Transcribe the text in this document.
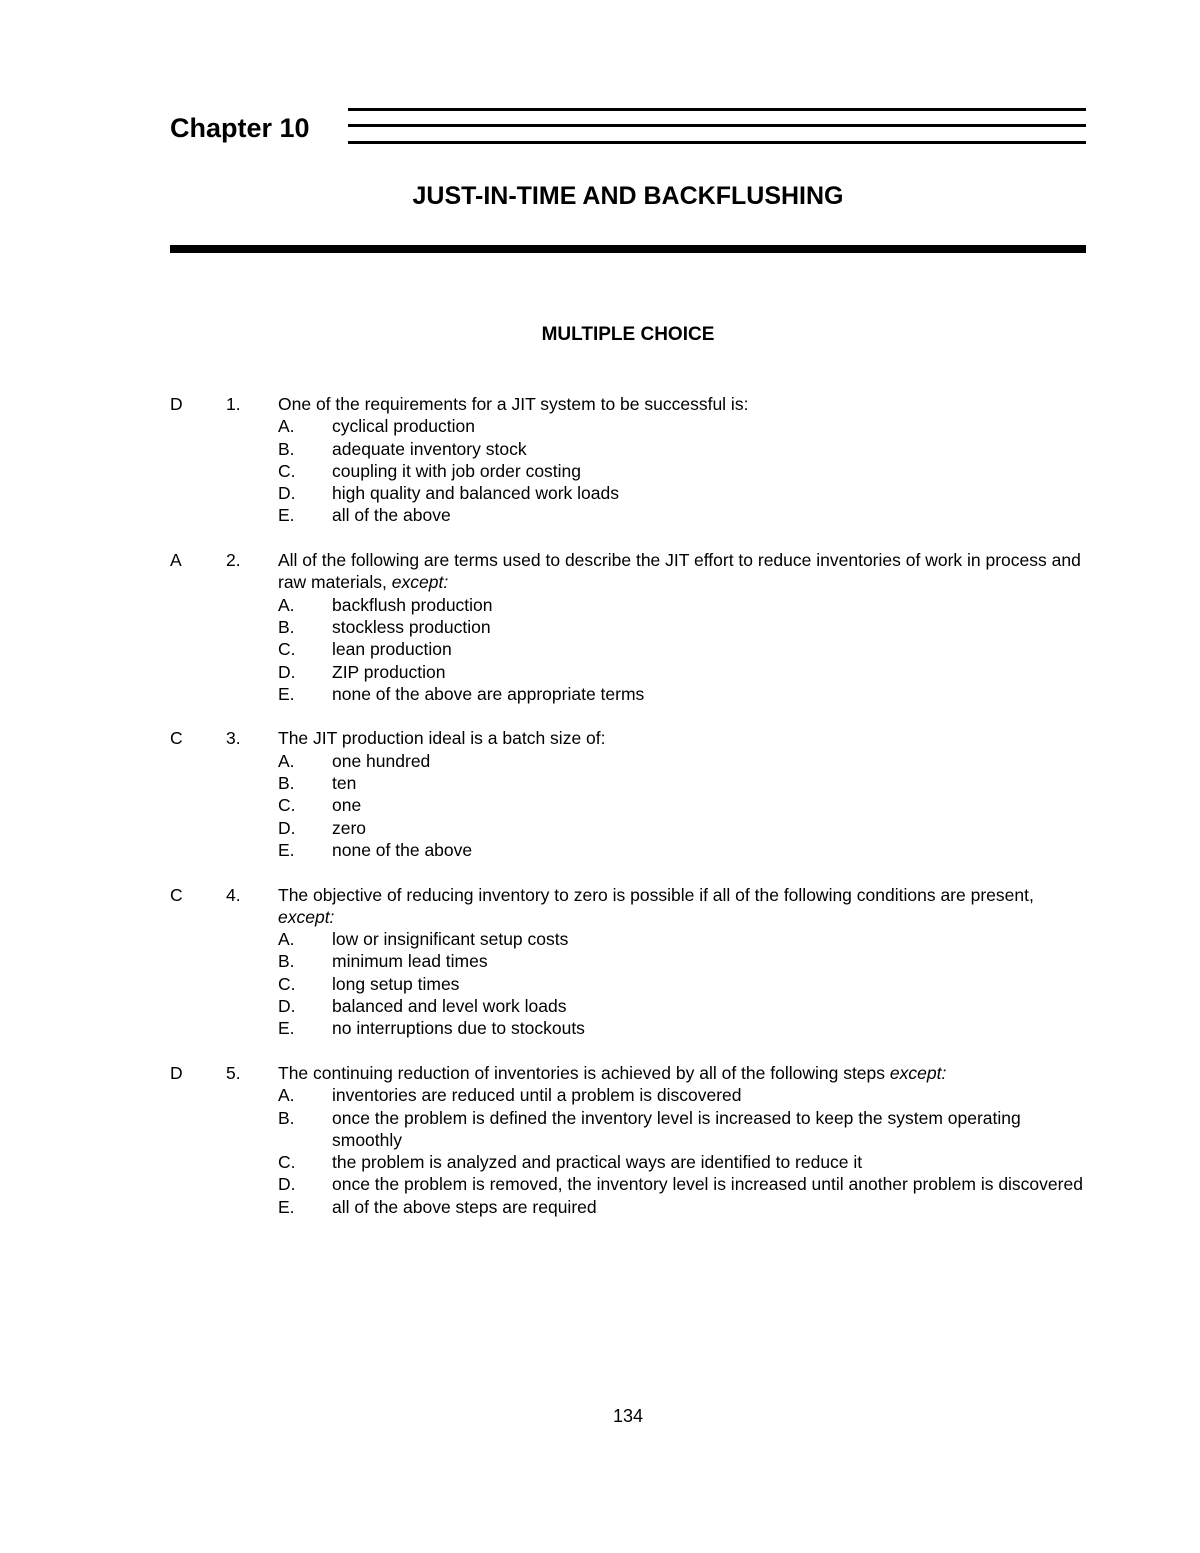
Chapter 10
JUST-IN-TIME AND BACKFLUSHING
MULTIPLE CHOICE
D	1.	One of the requirements for a JIT system to be successful is:
A. cyclical production
B. adequate inventory stock
C. coupling it with job order costing
D. high quality and balanced work loads
E. all of the above
A	2.	All of the following are terms used to describe the JIT effort to reduce inventories of work in process and raw materials, except:
A. backflush production
B. stockless production
C. lean production
D. ZIP production
E. none of the above are appropriate terms
C	3.	The JIT production ideal is a batch size of:
A. one hundred
B. ten
C. one
D. zero
E. none of the above
C	4.	The objective of reducing inventory to zero is possible if all of the following conditions are present, except:
A. low or insignificant setup costs
B. minimum lead times
C. long setup times
D. balanced and level work loads
E. no interruptions due to stockouts
D	5.	The continuing reduction of inventories is achieved by all of the following steps except:
A. inventories are reduced until a problem is discovered
B. once the problem is defined the inventory level is increased to keep the system operating smoothly
C. the problem is analyzed and practical ways are identified to reduce it
D. once the problem is removed, the inventory level is increased until another problem is discovered
E. all of the above steps are required
134
